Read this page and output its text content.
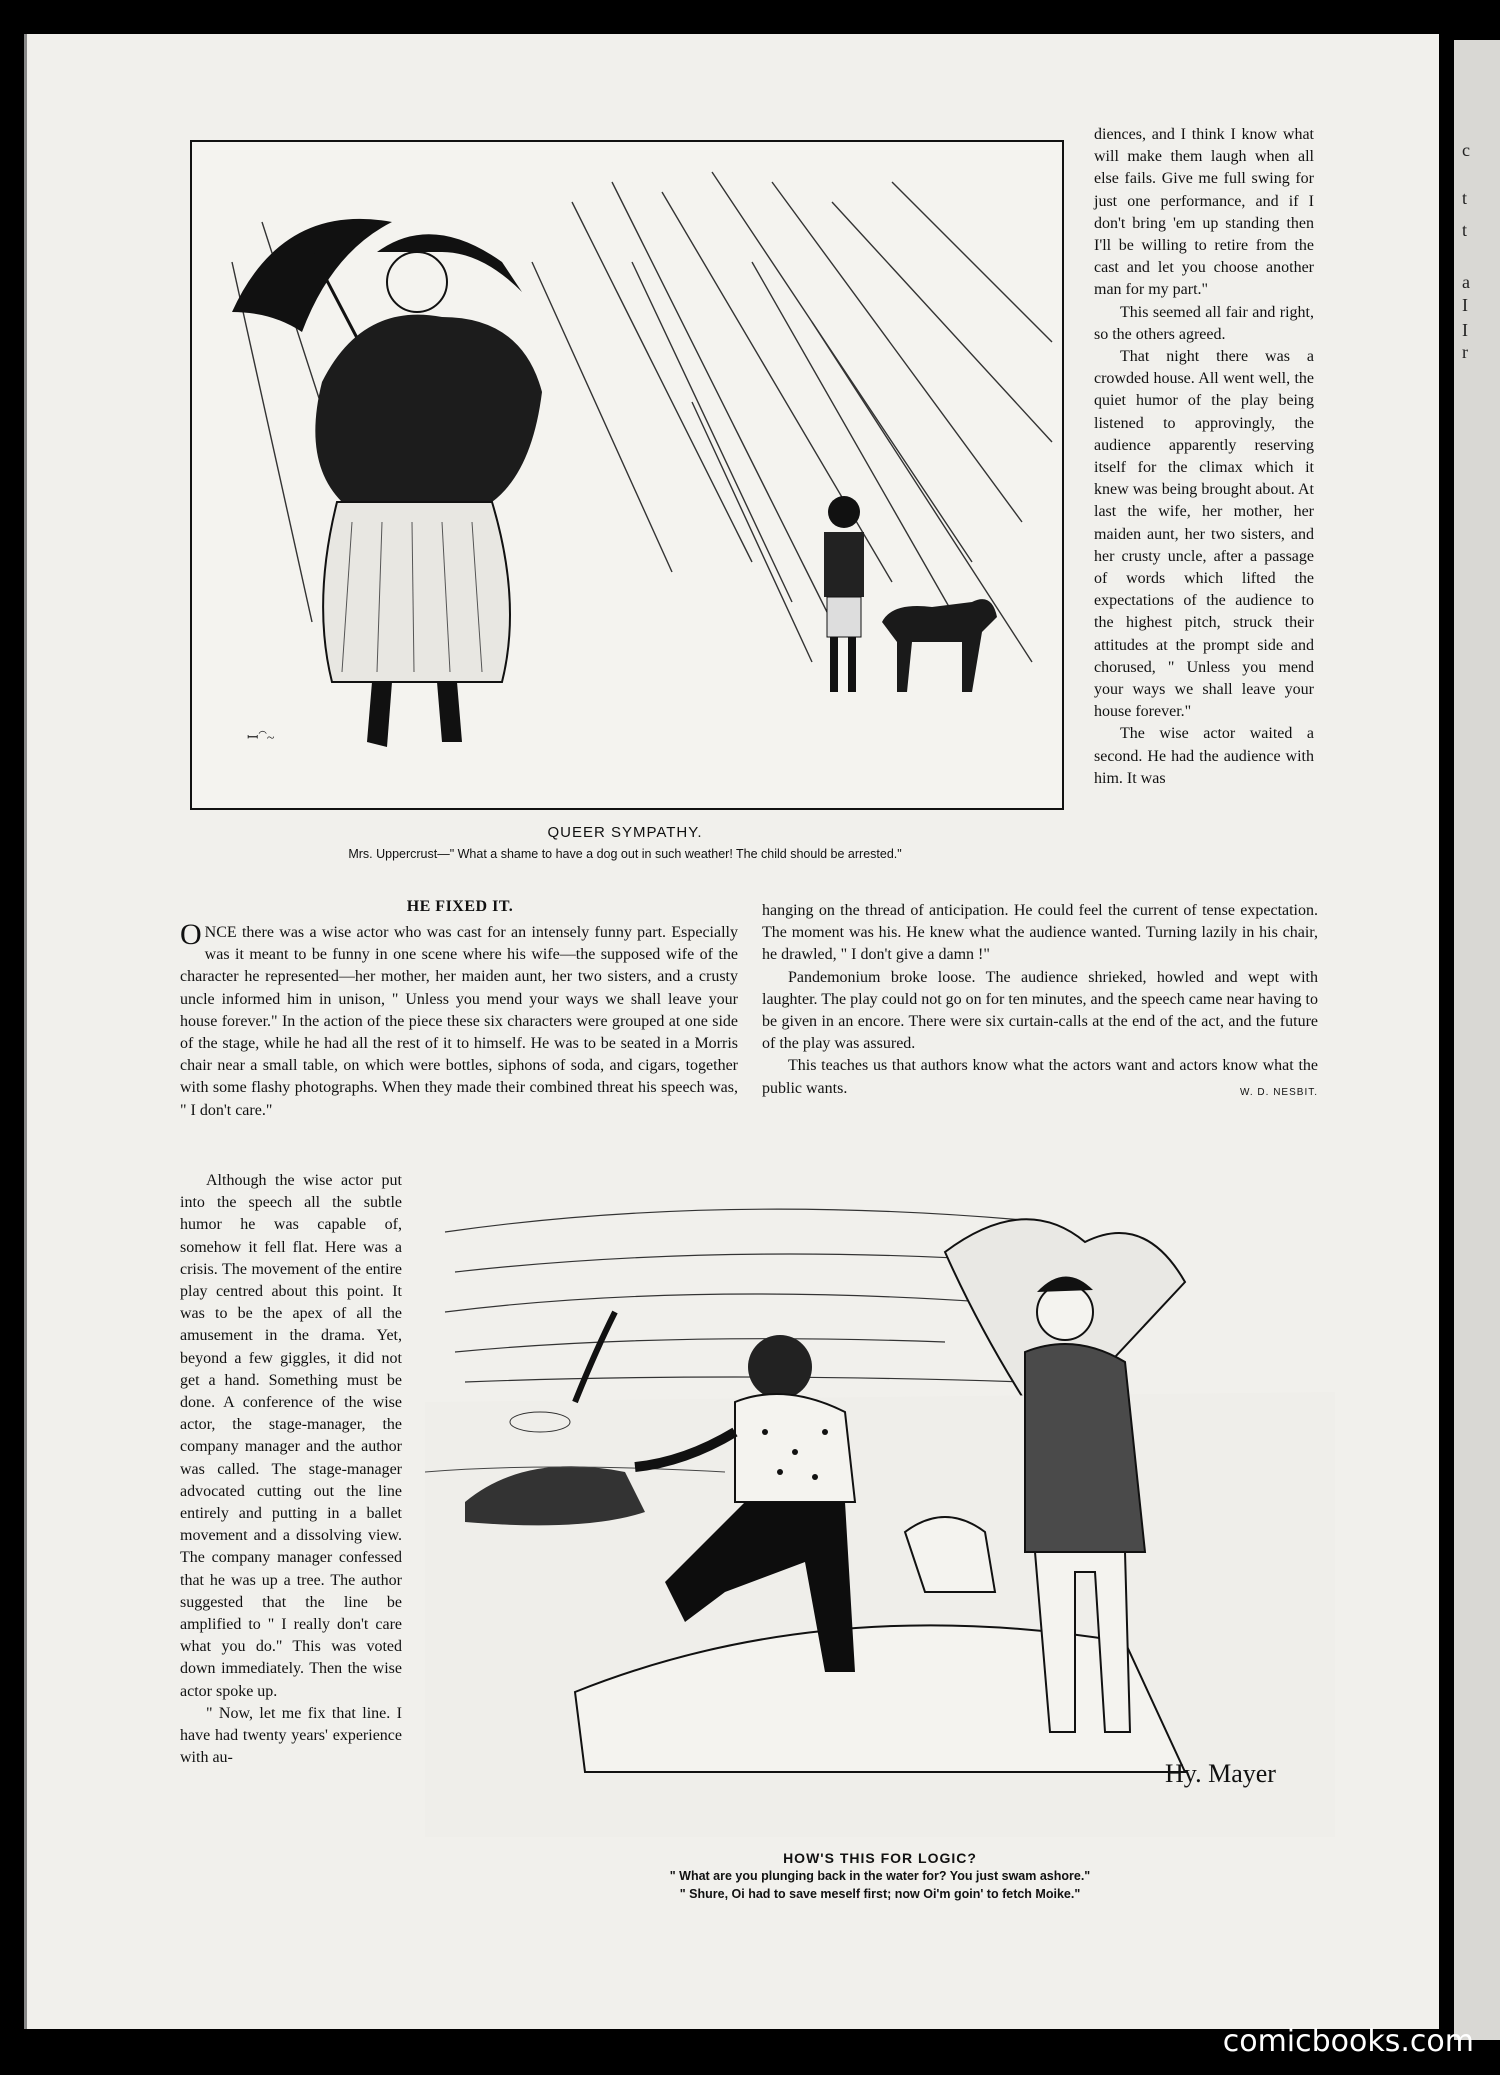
c
t
t
a
I
I
r
ꟷ⁀~
QUEER SYMPATHY.
Mrs. Uppercrust—" What a shame to have a dog out in such weather! The child should be arrested."

diences, and I think I know what will make them laugh when all else fails. Give me full swing for just one performance, and if I don't bring 'em up standing then I'll be willing to retire from the cast and let you choose another man for my part."

This seemed all fair and right, so the others agreed.

That night there was a crowded house. All went well, the quiet humor of the play being listened to approvingly, the audience apparently reserving itself for the climax which it knew was being brought about. At last the wife, her mother, her maiden aunt, her two sisters, and her crusty uncle, after a passage of words which lifted the expectations of the audience to the highest pitch, struck their attitudes at the prompt side and chorused, " Unless you mend your ways we shall leave your house forever."

The wise actor waited a second. He had the audience with him. It was

HE FIXED IT.

ONCE there was a wise actor who was cast for an intensely funny part. Especially was it meant to be funny in one scene where his wife—the supposed wife of the character he represented—her mother, her maiden aunt, her two sisters, and a crusty uncle informed him in unison, " Unless you mend your ways we shall leave your house forever." In the action of the piece these six characters were grouped at one side of the stage, while he had all the rest of it to himself. He was to be seated in a Morris chair near a small table, on which were bottles, siphons of soda, and cigars, together with some flashy photographs. When they made their combined threat his speech was, " I don't care."

Although the wise actor put into the speech all the subtle humor he was capable of, somehow it fell flat. Here was a crisis. The movement of the entire play centred about this point. It was to be the apex of all the amusement in the drama. Yet, beyond a few giggles, it did not get a hand. Something must be done. A conference of the wise actor, the stage-manager, the company manager and the author was called. The stage-manager advocated cutting out the line entirely and putting in a ballet movement and a dissolving view. The company manager confessed that he was up a tree. The author suggested that the line be amplified to " I really don't care what you do." This was voted down immediately. Then the wise actor spoke up.

" Now, let me fix that line. I have had twenty years' experience with au-

hanging on the thread of anticipation. He could feel the current of tense expectation. The moment was his. He knew what the audience wanted. Turning lazily in his chair, he drawled, " I don't give a damn !"

Pandemonium broke loose. The audience shrieked, howled and wept with laughter. The play could not go on for ten minutes, and the speech came near having to be given in an encore. There were six curtain-calls at the end of the act, and the future of the play was assured.

This teaches us that authors know what the actors want and actors know what the public wants.	W. D. NESBIT.

Hy. Mayer
HOW'S THIS FOR LOGIC?
" What are you plunging back in the water for? You just swam ashore."
" Shure, Oi had to save meself first; now Oi'm goin' to fetch Moike."
comicbooks.com
